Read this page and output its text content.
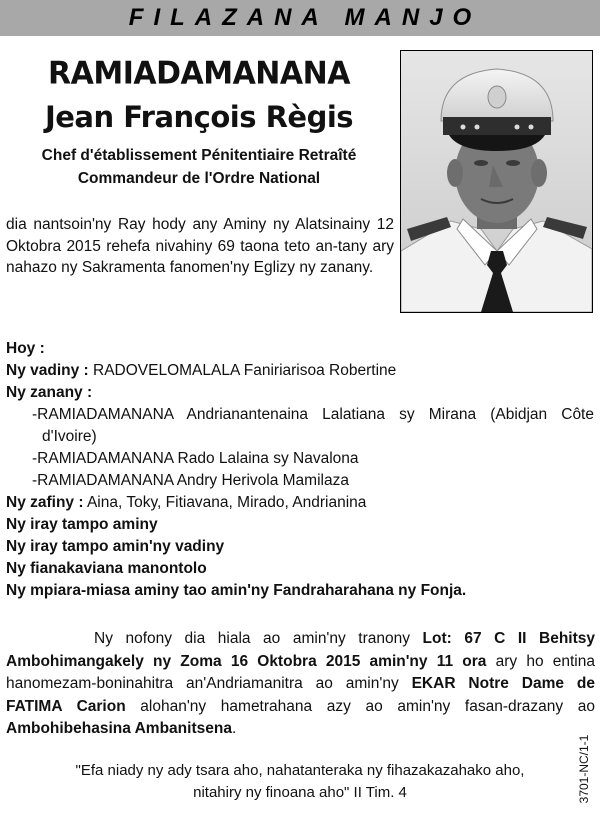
FILAZANA MANJO
RAMIADAMANANA
Jean François Règis
Chef d'établissement Pénitentiaire Retraîté
Commandeur de l'Ordre National
dia nantsoin'ny Ray hody any Aminy ny Alatsinainy 12 Oktobra 2015 rehefa nivahiny 69 taona teto an-tany ary nahazo ny Sakramenta fanomen'ny Eglizy ny zanany.
Hoy :
Ny vadiny : RADOVELOMALALA Faniriarisoa Robertine
Ny zanany :
-RAMIADAMANANA Andrianantenaina Lalatiana sy Mirana (Abidjan Côte
d'Ivoire)
-RAMIADAMANANA Rado Lalaina sy Navalona
-RAMIADAMANANA Andry Herivola Mamilaza
Ny zafiny : Aina, Toky, Fitiavana, Mirado, Andrianina
Ny iray tampo aminy
Ny iray tampo amin'ny vadiny
Ny fianakaviana manontolo
Ny mpiara-miasa aminy tao amin'ny Fandraharahana ny Fonja.
Ny nofony dia hiala ao amin'ny tranony Lot: 67 C II Behitsy Ambohimangakely ny Zoma 16 Oktobra 2015 amin'ny 11 ora ary ho entina hanomezam-boninahitra an'Andriamanitra ao amin'ny EKAR Notre Dame de FATIMA Carion alohan'ny hametrahana azy ao amin'ny fasan-drazany ao Ambohibehasina Ambanitsena.
"Efa niady ny ady tsara aho, nahatanteraka ny fihazakazahako aho,
nitahiry ny finoana aho" II Tim. 4	3701-NC/1-1
